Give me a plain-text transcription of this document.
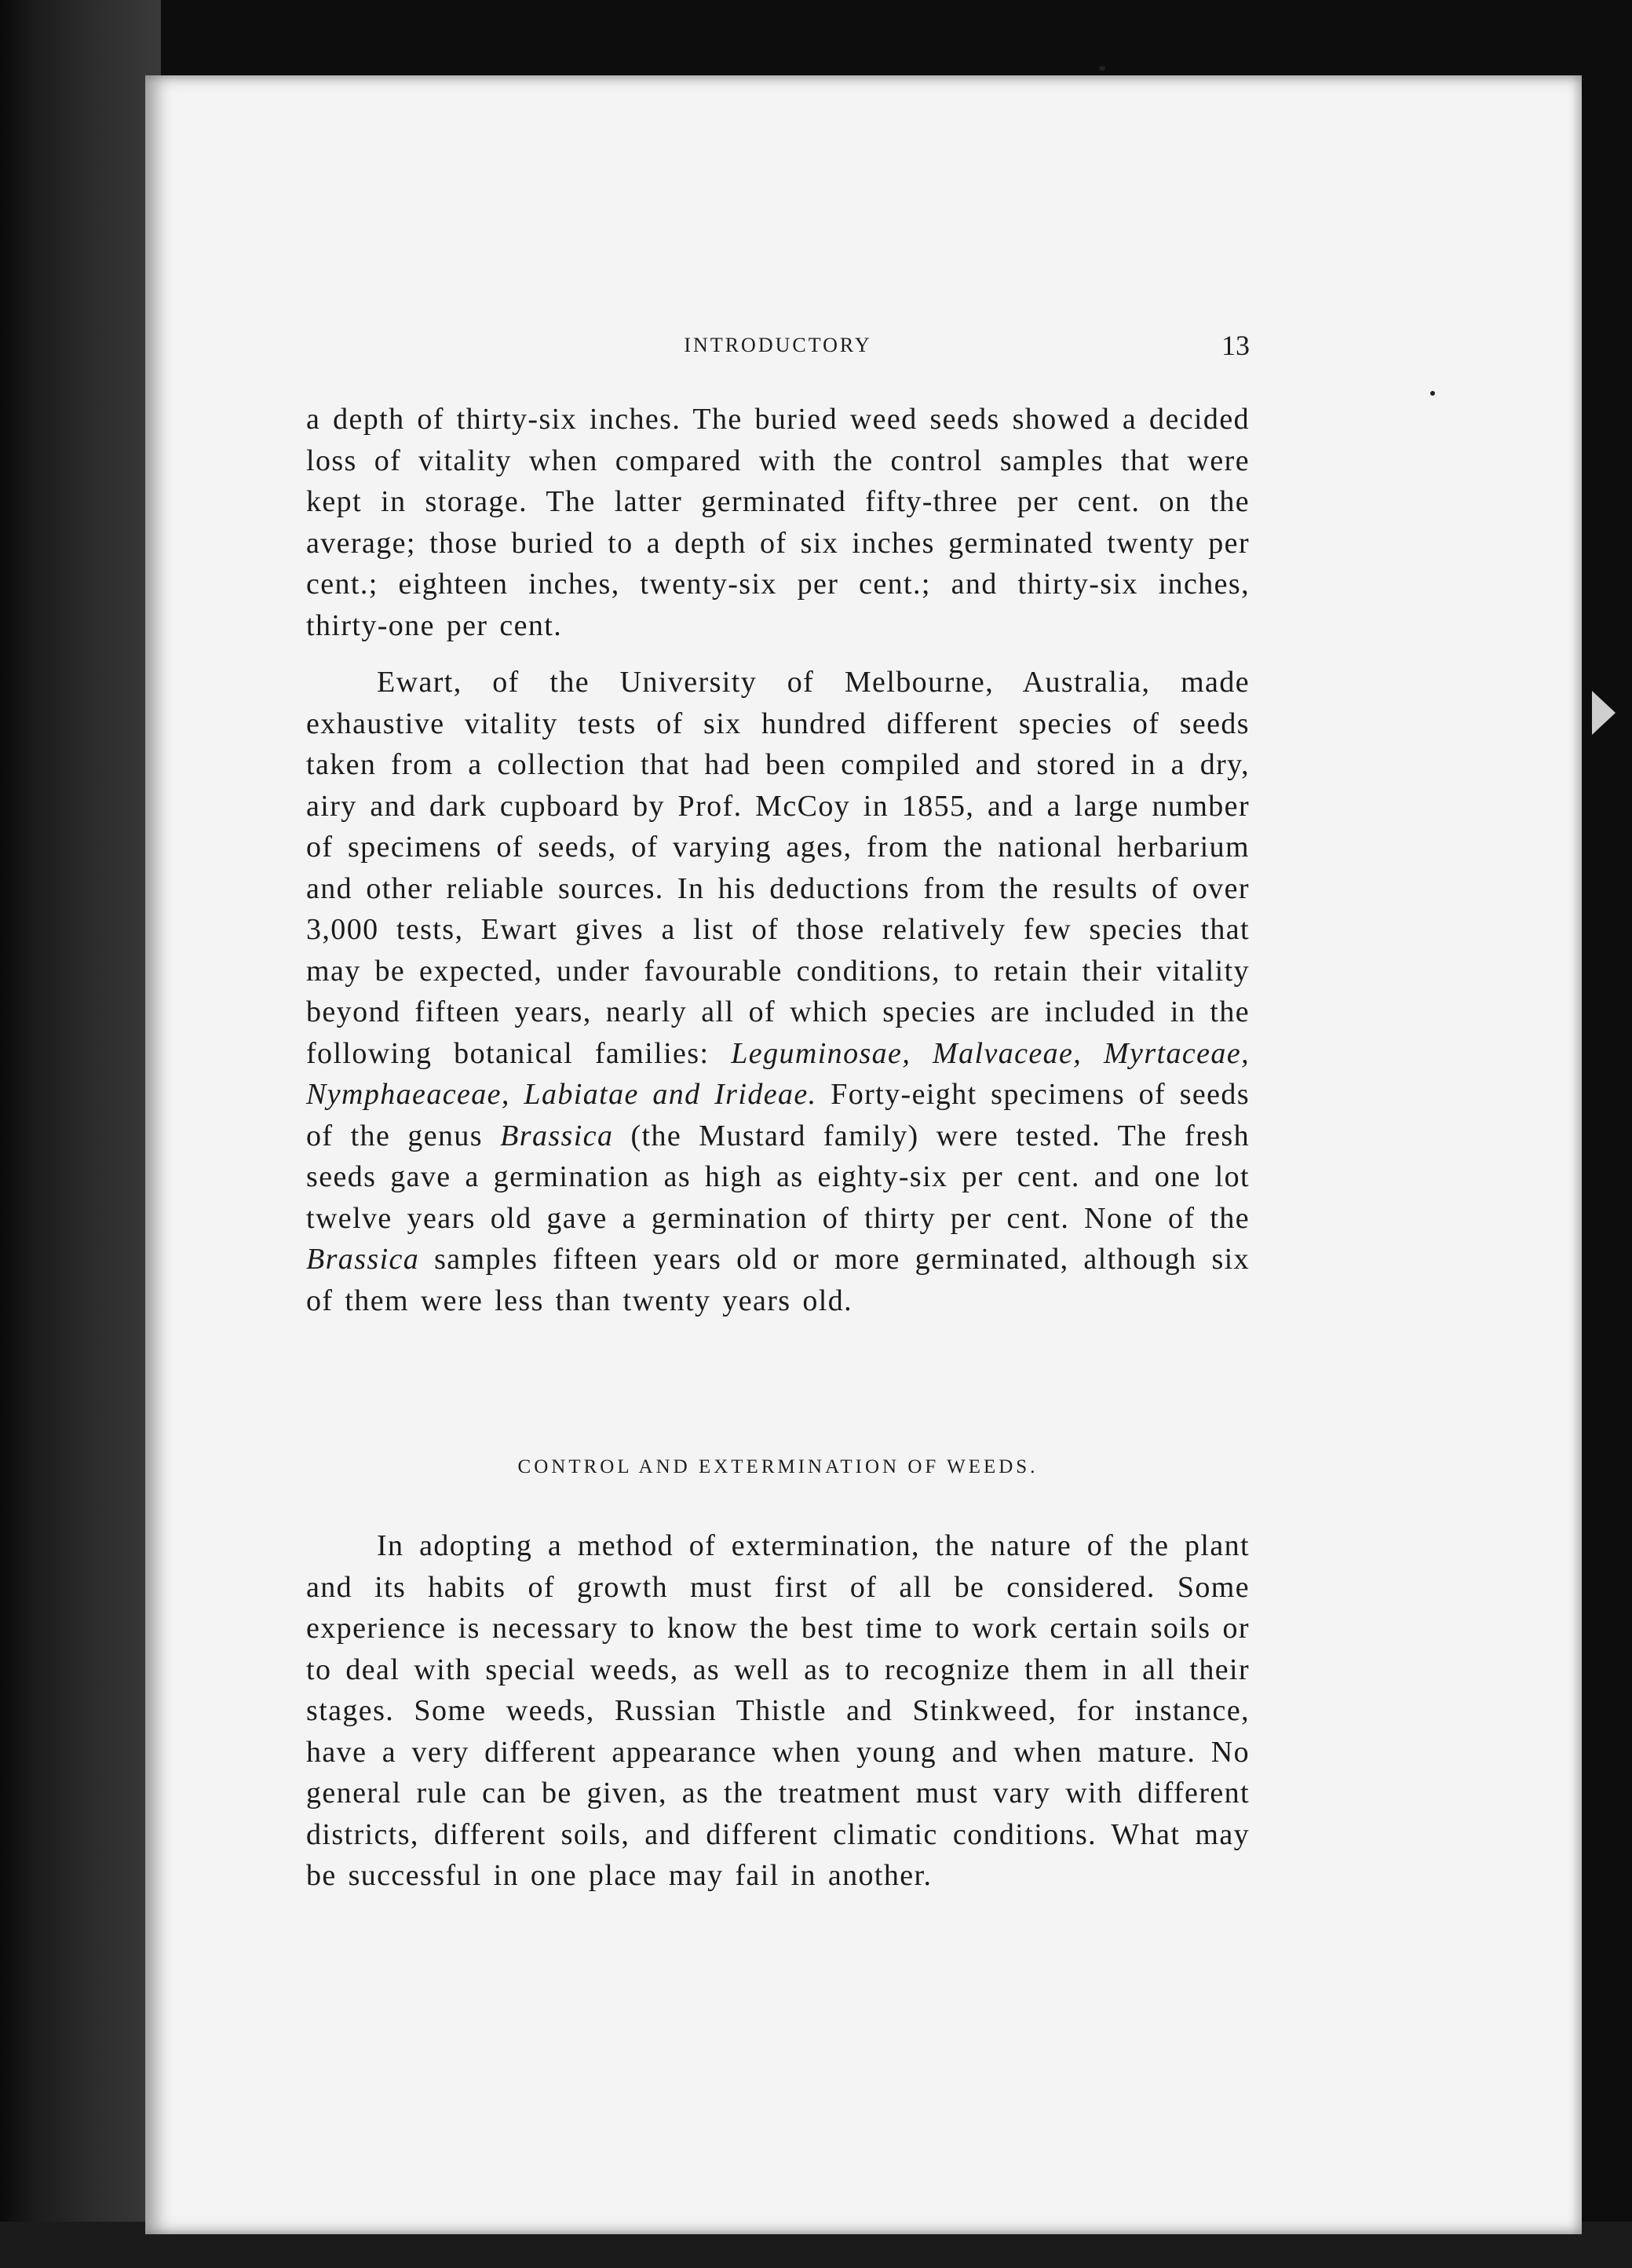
INTRODUCTORY	13

a depth of thirty-six inches. The buried weed seeds showed a decided loss of vitality when compared with the control samples that were kept in storage. The latter germinated fifty-three per cent. on the average; those buried to a depth of six inches germinated twenty per cent.; eighteen inches, twenty-six per cent.; and thirty-six inches, thirty-one per cent.

Ewart, of the University of Melbourne, Australia, made exhaustive vitality tests of six hundred different species of seeds taken from a collection that had been compiled and stored in a dry, airy and dark cupboard by Prof. McCoy in 1855, and a large number of specimens of seeds, of varying ages, from the national herbarium and other reliable sources. In his deductions from the results of over 3,000 tests, Ewart gives a list of those relatively few species that may be expected, under favourable conditions, to retain their vitality beyond fifteen years, nearly all of which species are included in the following botanical families: Leguminosae, Malvaceae, Myrtaceae, Nymphaeaceae, Labiatae and Irideae. Forty-eight specimens of seeds of the genus Brassica (the Mustard family) were tested. The fresh seeds gave a germination as high as eighty-six per cent. and one lot twelve years old gave a germination of thirty per cent. None of the Brassica samples fifteen years old or more germinated, although six of them were less than twenty years old.

CONTROL AND EXTERMINATION OF WEEDS.

In adopting a method of extermination, the nature of the plant and its habits of growth must first of all be considered. Some experience is necessary to know the best time to work certain soils or to deal with special weeds, as well as to recognize them in all their stages. Some weeds, Russian Thistle and Stinkweed, for instance, have a very different appearance when young and when mature. No general rule can be given, as the treatment must vary with different districts, different soils, and different climatic conditions. What may be successful in one place may fail in another.
